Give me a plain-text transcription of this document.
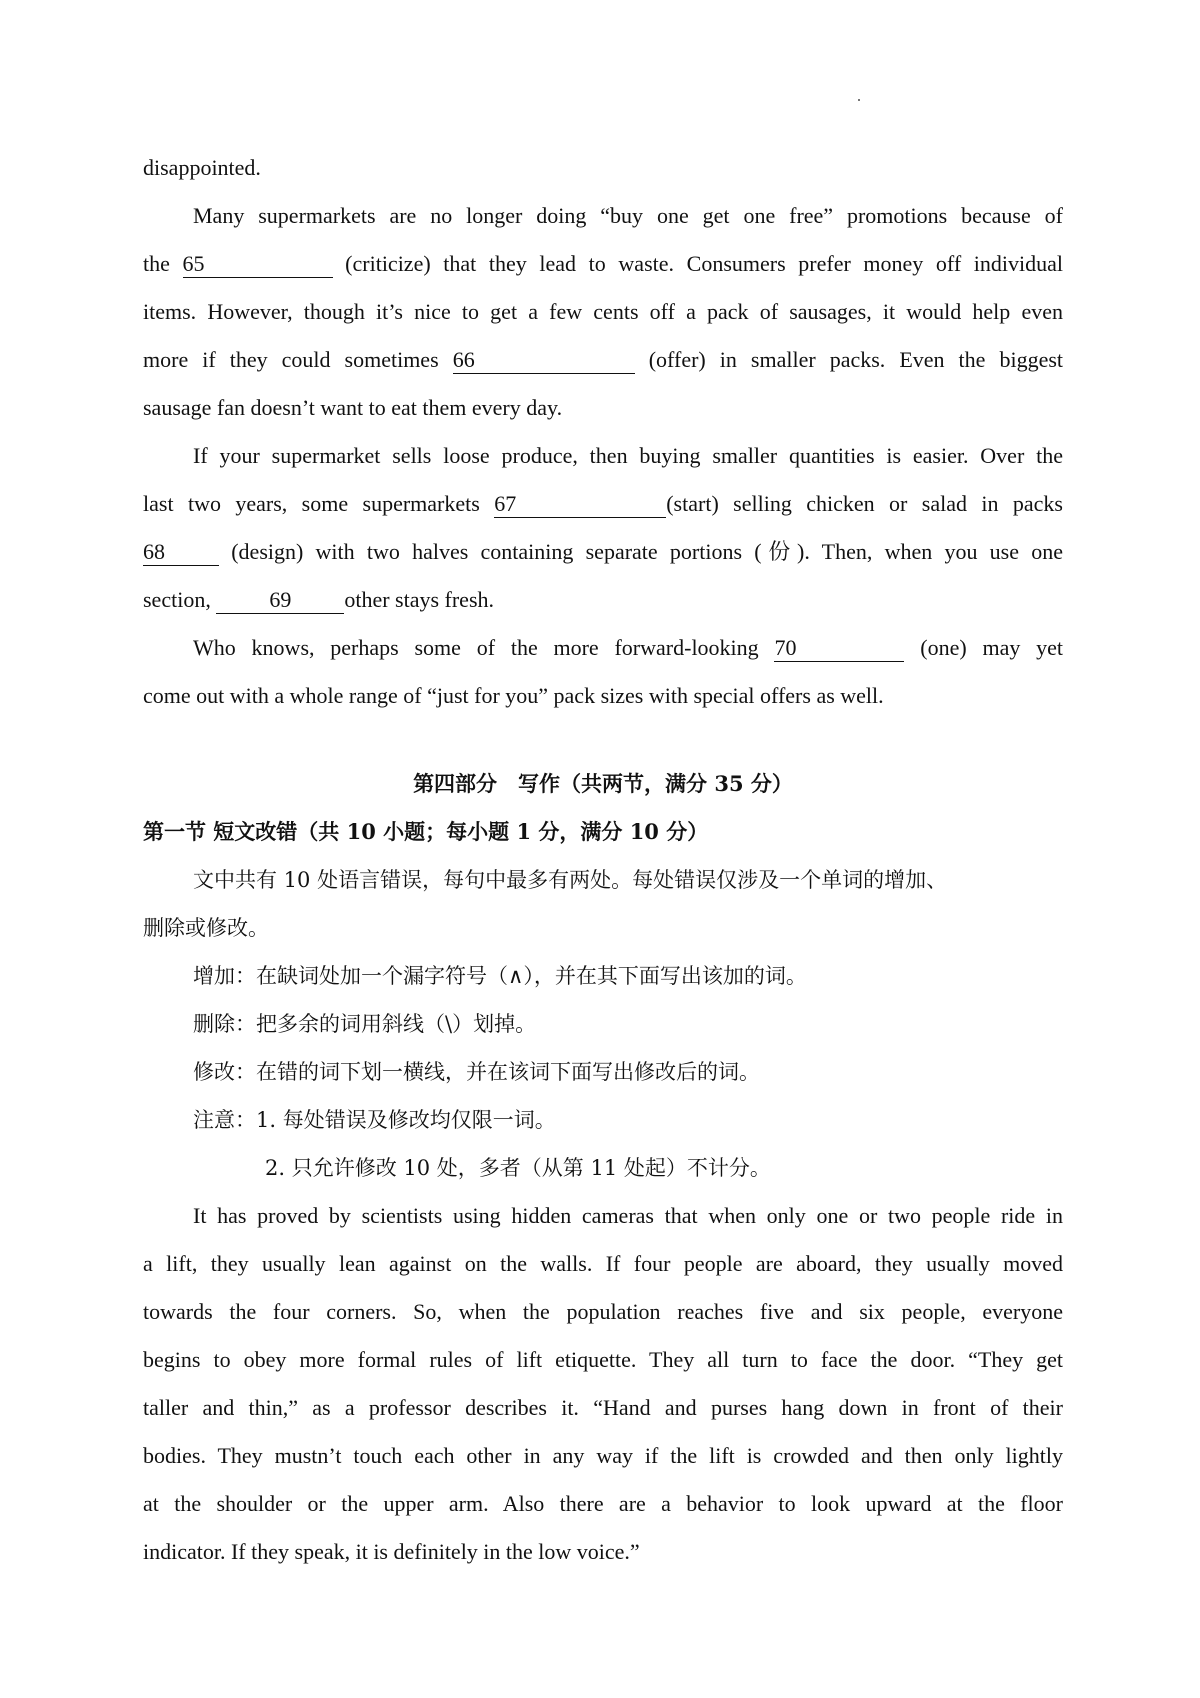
disappointed.
Many supermarkets are no longer doing “buy one get one free” promotions because of
the 65	(criticize) that they lead to waste. Consumers prefer money off individual
items. However, though it’s nice to get a few cents off a pack of sausages, it would help even
more if they could sometimes 66	(offer) in smaller packs. Even the biggest
sausage fan doesn’t want to eat them every day.
If your supermarket sells loose produce, then buying smaller quantities is easier. Over the
last two years, some supermarkets 67	(start) selling chicken or salad in packs
68	(design) with two halves containing separate portions (份). Then, when you use one
section,	69 other stays fresh.
Who knows, perhaps some of the more forward-looking 70	(one) may yet
come out with a whole range of “just for you” pack sizes with special offers as well.
第四部分　写作（共两节，满分 35 分）
第一节 短文改错（共 10 小题；每小题 1 分，满分 10 分）
文中共有 10 处语言错误，每句中最多有两处。每处错误仅涉及一个单词的增加、
删除或修改。
增加：在缺词处加一个漏字符号（∧），并在其下面写出该加的词。
删除：把多余的词用斜线（\）划掉。
修改：在错的词下划一横线，并在该词下面写出修改后的词。
注意：1. 每处错误及修改均仅限一词。
2. 只允许修改 10 处，多者（从第 11 处起）不计分。
It has proved by scientists using hidden cameras that when only one or two people ride in
a lift, they usually lean against on the walls. If four people are aboard, they usually moved
towards the four corners. So, when the population reaches five and six people, everyone
begins to obey more formal rules of lift etiquette. They all turn to face the door. “They get
taller and thin,” as a professor describes it. “Hand and purses hang down in front of their
bodies. They mustn’t touch each other in any way if the lift is crowded and then only lightly
at the shoulder or the upper arm. Also there are a behavior to look upward at the floor
indicator. If they speak, it is definitely in the low voice.”
